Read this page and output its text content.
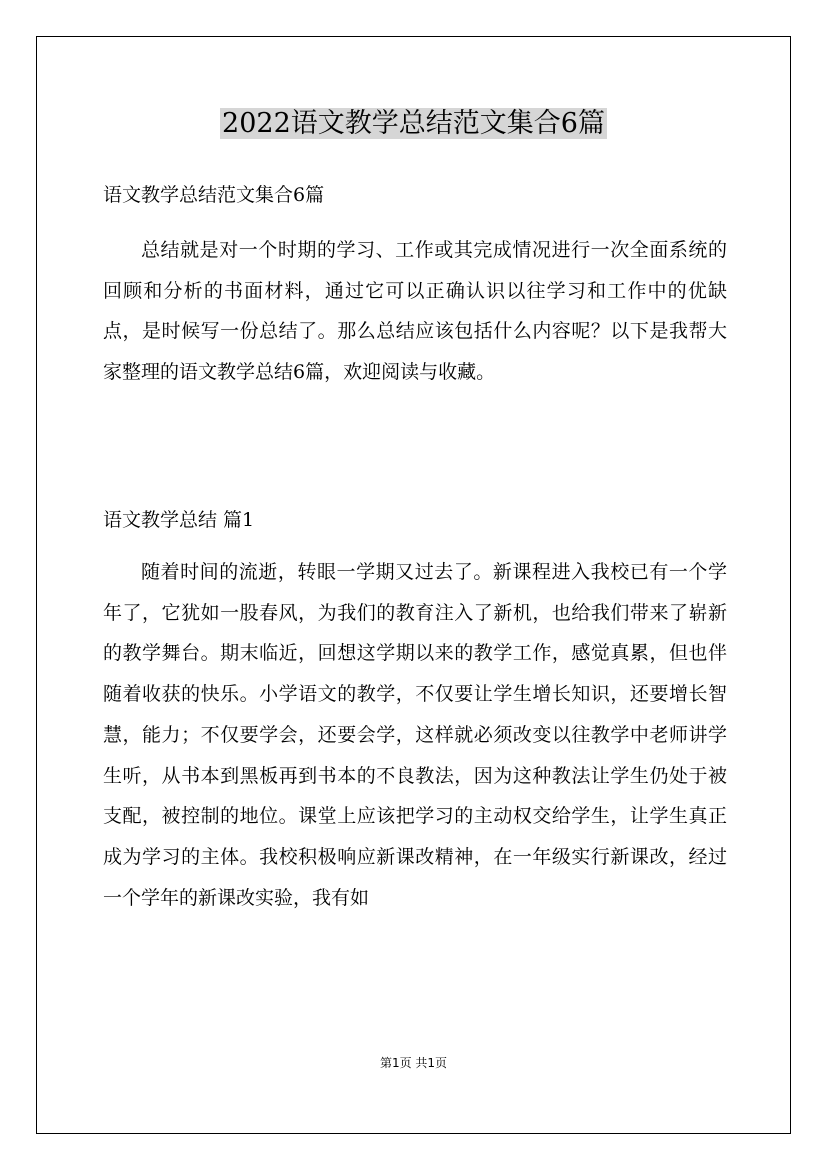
2022语文教学总结范文集合6篇
语文教学总结范文集合6篇
总结就是对一个时期的学习、工作或其完成情况进行一次全面系统的回顾和分析的书面材料，通过它可以正确认识以往学习和工作中的优缺点，是时候写一份总结了。那么总结应该包括什么内容呢？以下是我帮大家整理的语文教学总结6篇，欢迎阅读与收藏。
语文教学总结 篇1
随着时间的流逝，转眼一学期又过去了。新课程进入我校已有一个学年了，它犹如一股春风，为我们的教育注入了新机，也给我们带来了崭新的教学舞台。期末临近，回想这学期以来的教学工作，感觉真累，但也伴随着收获的快乐。小学语文的教学，不仅要让学生增长知识，还要增长智慧，能力；不仅要学会，还要会学，这样就必须改变以往教学中老师讲学生听，从书本到黑板再到书本的不良教法，因为这种教法让学生仍处于被支配，被控制的地位。课堂上应该把学习的主动权交给学生，让学生真正成为学习的主体。我校积极响应新课改精神，在一年级实行新课改，经过一个学年的新课改实验，我有如
第1页 共1页
